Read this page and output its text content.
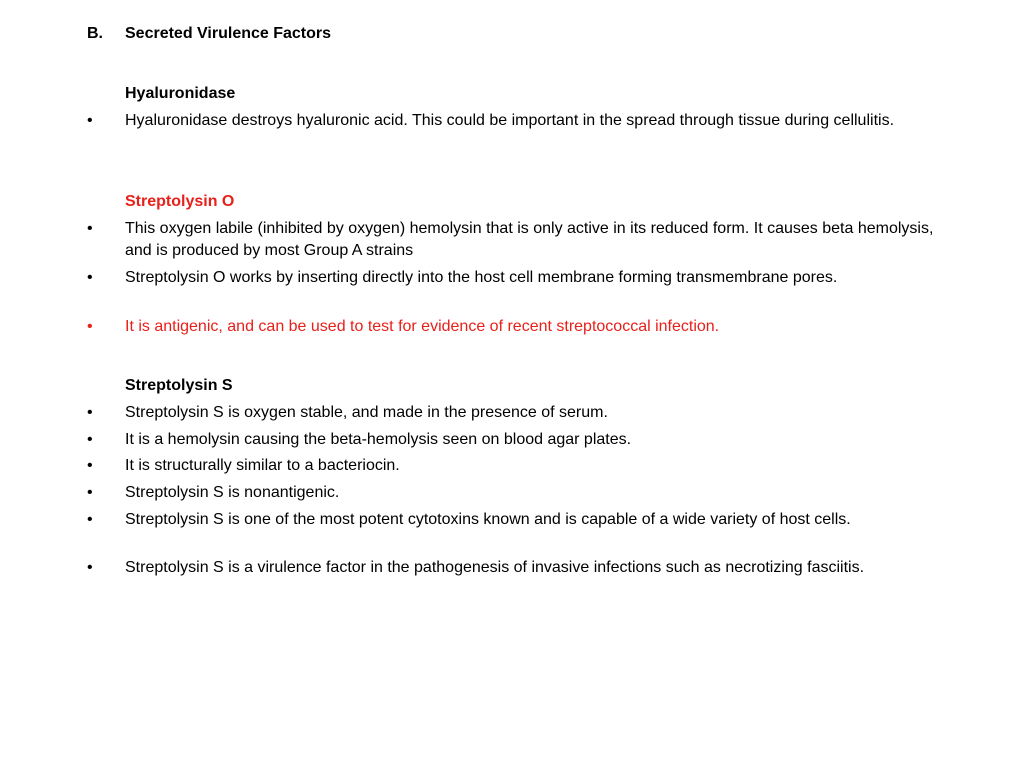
B. Secreted Virulence Factors
Hyaluronidase
• Hyaluronidase destroys hyaluronic acid. This could be important in the spread through tissue during cellulitis.
Streptolysin O
• This oxygen labile (inhibited by oxygen) hemolysin that is only active in its reduced form. It causes beta hemolysis, and is produced by most Group A strains
• Streptolysin O works by inserting directly into the host cell membrane forming transmembrane pores.
• It is antigenic, and can be used to test for evidence of recent streptococcal infection.
Streptolysin S
• Streptolysin S is oxygen stable, and made in the presence of serum.
• It is a hemolysin causing the beta-hemolysis seen on blood agar plates.
• It is structurally similar to a bacteriocin.
• Streptolysin S is nonantigenic.
• Streptolysin S is one of the most potent cytotoxins known and is capable of a wide variety of host cells.
• Streptolysin S is a virulence factor in the pathogenesis of invasive infections such as necrotizing fasciitis.
